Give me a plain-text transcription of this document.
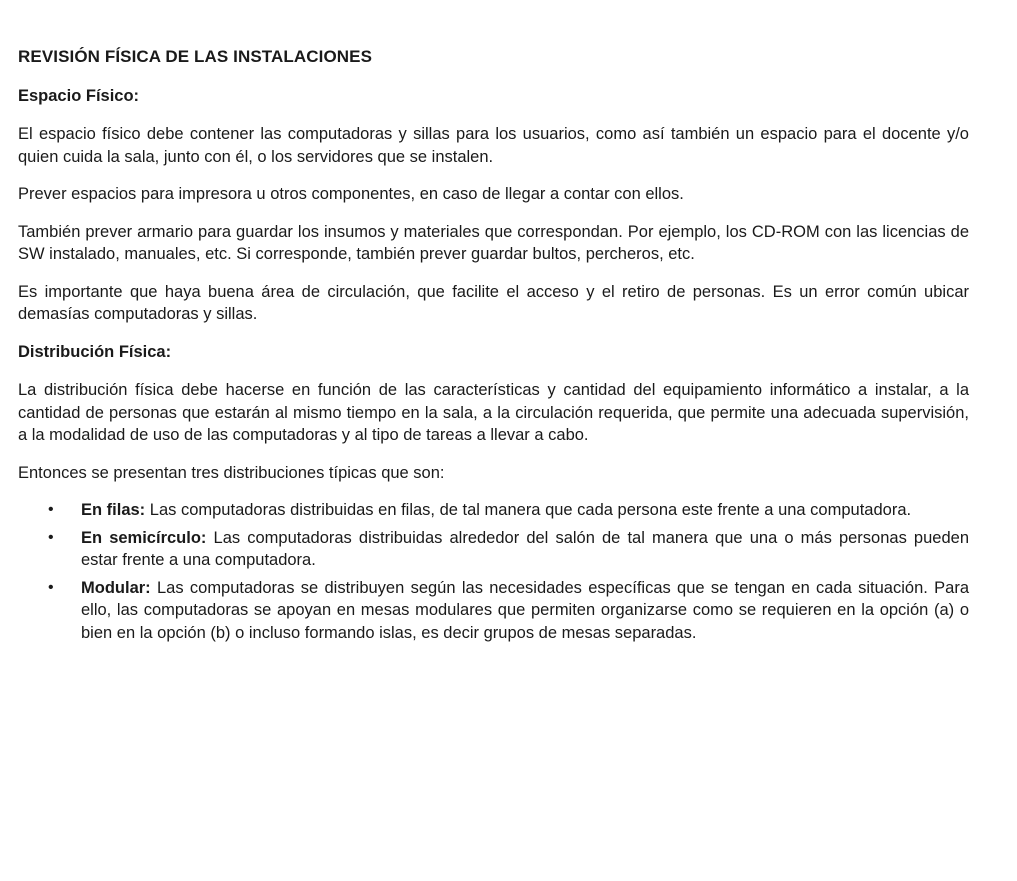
REVISIÓN FÍSICA DE LAS INSTALACIONES
Espacio Físico:

El espacio físico debe contener las computadoras y sillas para los usuarios, como así también un espacio para el docente y/o quien cuida la sala, junto con él, o los servidores que se instalen.

Prever espacios para impresora u otros componentes, en caso de llegar a contar con ellos.

También prever armario para guardar los insumos y materiales que correspondan. Por ejemplo, los CD-ROM con las licencias de SW instalado, manuales, etc. Si corresponde, también prever guardar bultos, percheros, etc.

Es importante que haya buena área de circulación, que facilite el acceso y el retiro de personas. Es un error común ubicar demasías computadoras y sillas.

Distribución Física:

La distribución física debe hacerse en función de las características y cantidad del equipamiento informático a instalar, a la cantidad de personas que estarán al mismo tiempo en la sala, a la circulación requerida, que permite una adecuada supervisión, a la modalidad de uso de las computadoras y al tipo de tareas a llevar a cabo.

Entonces se presentan tres distribuciones típicas que son:

• En filas: Las computadoras distribuidas en filas, de tal manera que cada persona este frente a una computadora.
• En semicírculo: Las computadoras distribuidas alrededor del salón de tal manera que una o más personas pueden estar frente a una computadora.
• Modular: Las computadoras se distribuyen según las necesidades específicas que se tengan en cada situación. Para ello, las computadoras se apoyan en mesas modulares que permiten organizarse como se requieren en la opción (a) o bien en la opción (b) o incluso formando islas, es decir grupos de mesas separadas.
